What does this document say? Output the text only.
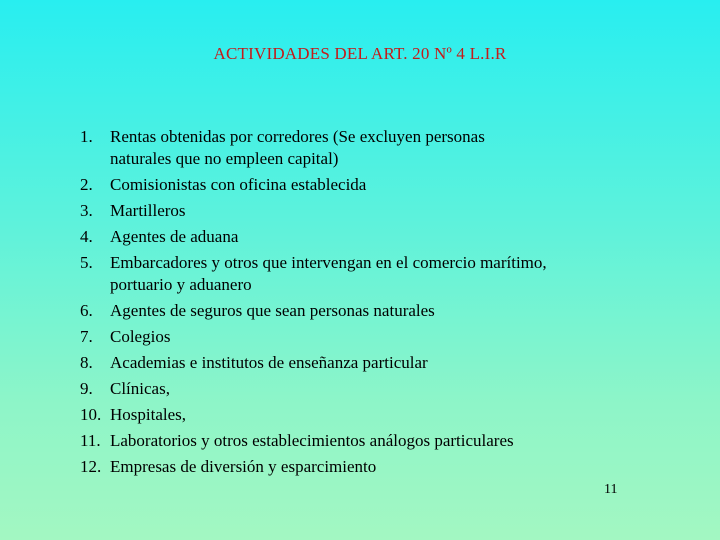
ACTIVIDADES DEL ART. 20 Nº 4 L.I.R
1.	Rentas obtenidas por corredores (Se excluyen personas
naturales que no empleen capital)
2.	Comisionistas con oficina establecida
3.	Martilleros
4.	Agentes de aduana
5.	Embarcadores y otros que intervengan en el comercio marítimo,
portuario y aduanero
6.	Agentes de seguros que sean personas naturales
7.	Colegios
8.	Academias e institutos de enseñanza particular
9.	Clínicas,
10. Hospitales,
11. Laboratorios y otros establecimientos análogos particulares
12. Empresas de diversión y esparcimiento
11
